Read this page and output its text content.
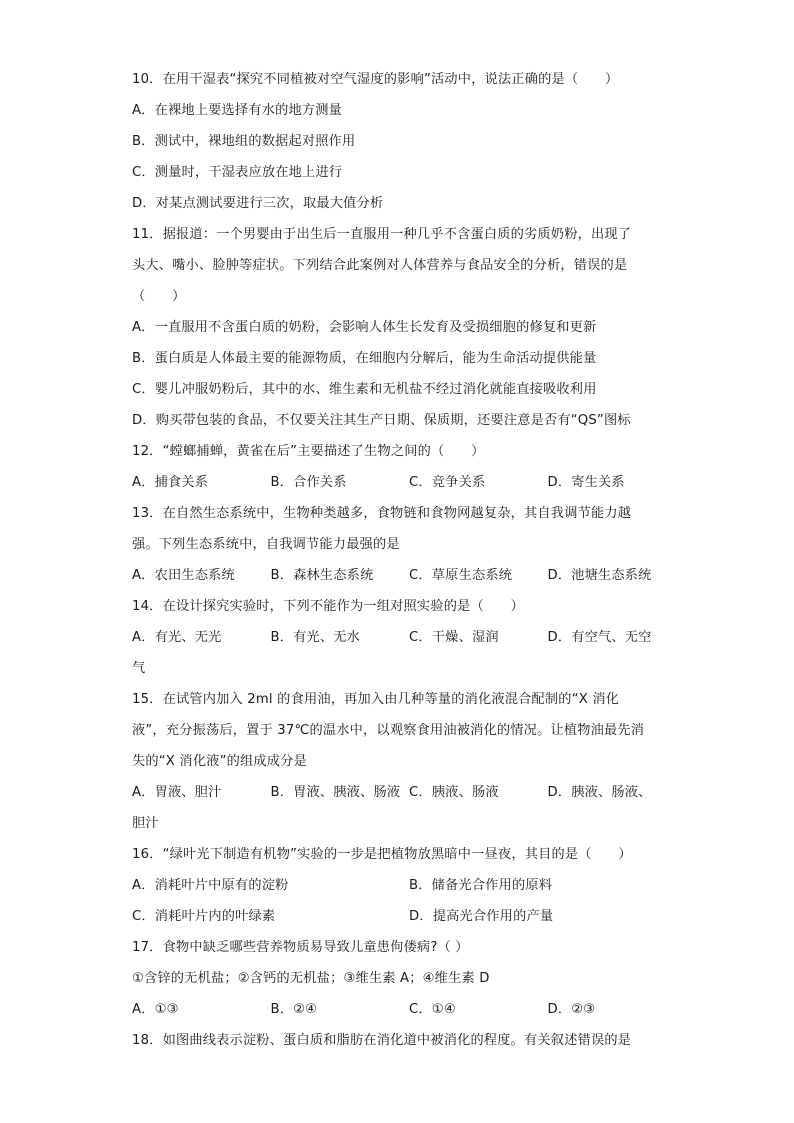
10．在用干湿表“探究不同植被对空气湿度的影响”活动中，说法正确的是（　　）
A．在裸地上要选择有水的地方测量
B．测试中，裸地组的数据起对照作用
C．测量时，干湿表应放在地上进行
D．对某点测试要进行三次，取最大值分析
11．据报道：一个男婴由于出生后一直服用一种几乎不含蛋白质的劣质奶粉，出现了
头大、嘴小、脸肿等症状。下列结合此案例对人体营养与食品安全的分析，错误的是
（　　）
A．一直服用不含蛋白质的奶粉，会影响人体生长发育及受损细胞的修复和更新
B．蛋白质是人体最主要的能源物质，在细胞内分解后，能为生命活动提供能量
C．婴儿冲服奶粉后，其中的水、维生素和无机盐不经过消化就能直接吸收利用
D．购买带包装的食品，不仅要关注其生产日期、保质期，还要注意是否有“QS”图标
12．“螳螂捕蝉，黄雀在后”主要描述了生物之间的（　　）
A．捕食关系	B．合作关系	C．竞争关系	D．寄生关系
13．在自然生态系统中，生物种类越多，食物链和食物网越复杂，其自我调节能力越
强。下列生态系统中，自我调节能力最强的是
A．农田生态系统	B．森林生态系统	C．草原生态系统	D．池塘生态系统
14．在设计探究实验时，下列不能作为一组对照实验的是（　　）
A．有光、无光	B．有光、无水	C．干燥、湿润	D．有空气、无空
气
15．在试管内加入 2ml 的食用油，再加入由几种等量的消化液混合配制的“X 消化
液”，充分振荡后，置于 37℃的温水中，以观察食用油被消化的情况。让植物油最先消
失的“X 消化液”的组成成分是
A．胃液、胆汁	B．胃液、胰液、肠液 C．胰液、肠液	D．胰液、肠液、
胆汁
16．“绿叶光下制造有机物”实验的一步是把植物放黑暗中一昼夜，其目的是（　　）
A．消耗叶片中原有的淀粉	B．储备光合作用的原料
C．消耗叶片内的叶绿素	D．提高光合作用的产量
17．食物中缺乏哪些营养物质易导致儿童患佝偻病?（ ）
①含锌的无机盐；②含钙的无机盐；③维生素 A；④维生素 D
A．①③	B．②④	C．①④	D．②③
18．如图曲线表示淀粉、蛋白质和脂肪在消化道中被消化的程度。有关叙述错误的是
